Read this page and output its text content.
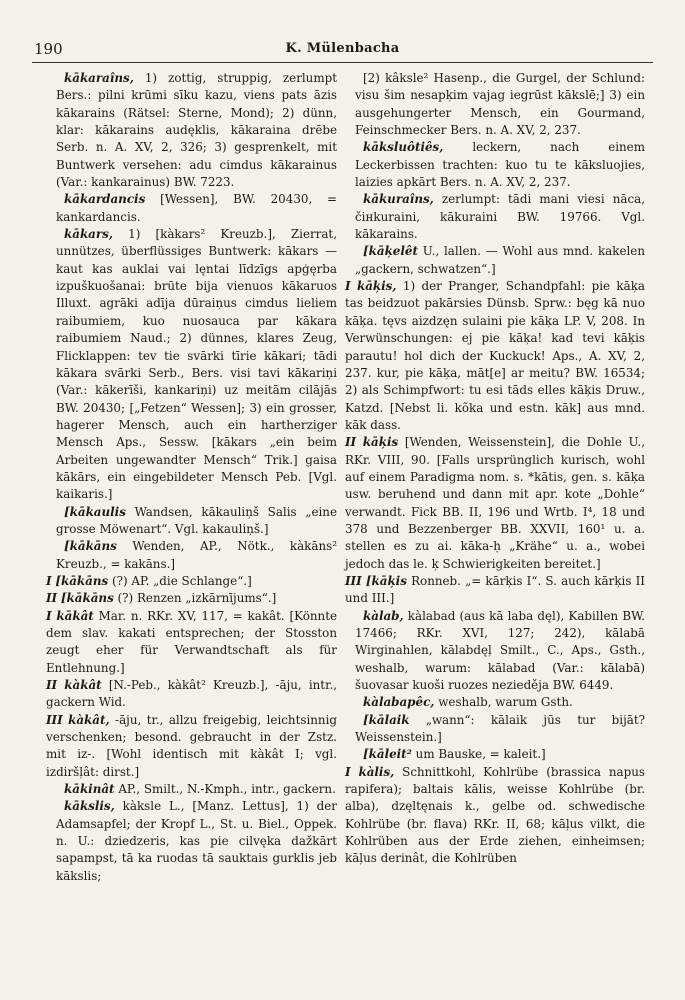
190	K. Mülenbacha

kākaraîns, 1) zottig, struppig, zerlumpt Bers.: pilni krūmi sīku kazu, viens pats āzis kākarains (Rätsel: Sterne, Mond); 2) dünn, klar: kākarains audęklis, kākaraina drēbe Serb. n. A. XV, 2, 326; 3) gesprenkelt, mit Buntwerk versehen: adu cimdus kākarainus (Var.: kankarainus) BW. 7223.

kākardancis [Wessen], BW. 20430, = kankardancis.

kākars, 1) [kàkars² Kreuzb.], Zierrat, unnützes, überflüssiges Buntwerk: kākars — kaut kas auklai vai lęntai līdzīgs apģęrba izpuškuošanai: brūte bija vienuos kākaruos Illuxt. agrāki adīja dūraiņus cimdus lieliem raibumiem, kuo nuosauca par kākara raibumiem Naud.; 2) dünnes, klares Zeug, Flicklappen: tev tie svārki tīrie kākari; tādi kākara svārki Serb., Bers. visi tavi kākariņi (Var.: kākerīši, kankariņi) uz meitām cilājās BW. 20430; [„Fetzen“ Wessen]; 3) ein grosser, hagerer Mensch, auch ein hartherziger Mensch Aps., Sessw. [kākars „ein beim Arbeiten ungewandter Mensch“ Trik.] gaisa kākārs, ein eingebildeter Mensch Peb. [Vgl. kaikaris.]

[kākaulis Wandsen, kākauliņš Salis „eine grosse Möwenart“. Vgl. kakauliņš.]

[kākāns Wenden, AP., Nötk., kàkāns² Kreuzb., = kakāns.]

I [kākāns (?) AP. „die Schlange“.]

II [kākāns (?) Renzen „izkārnījums“.]

I kākât Mar. n. RKr. XV, 117, = kakât. [Könnte dem slav. kakati entsprechen; der Stosston zeugt eher für Verwandtschaft als für Entlehnung.]

II kàkât [N.-Peb., kàkât² Kreuzb.], -āju, intr., gackern Wid.

III kàkât, -āju, tr., allzu freigebig, leichtsinnig verschenken; besond. gebraucht in der Zstz. mit iz-. [Wohl identisch mit kàkât I; vgl. izdiršļât: dirst.]

kākinât AP., Smilt., N.-Kmph., intr., gackern.

kākslis, kàksle L., [Manz. Lettus], 1) der Adamsapfel; der Kropf L., St. u. Biel., Oppek. n. U.: dziedzeris, kas pie cilvęka dažkārt sapampst, tā ka ruodas tā sauktais gurklis jeb kākslis;

[2) kâksle² Hasenp., die Gurgel, der Schlund: visu šim nesapķim vajag iegrūst kākslē;] 3) ein ausgehungerter Mensch, ein Gourmand, Feinschmecker Bers. n. A. XV, 2, 237.

kāksluôtiês, leckern, nach einem Leckerbissen trachten: kuo tu te kāksluojies, laizies apkārt Bers. n. A. XV, 2, 237.

kākuraîns, zerlumpt: tādi mani viesi nāca, čінkuraini, kākuraini BW. 19766. Vgl. kākarains.

[kāķelêt U., lallen. — Wohl aus mnd. kakelen „gackern, schwatzen“.]

I kāķis, 1) der Pranger, Schandpfahl: pie kāķa tas beidzuot pakārsies Dünsb. Sprw.: bęg kā nuo kāķa. tęvs aizdzęn sulaini pie kāķa LP. V, 208. In Verwünschungen: ej pie kāķa! kad tevi kāķis parautu! hol dich der Kuckuck! Aps., A. XV, 2, 237. kur, pie kāķa, māt[e] ar meitu? BW. 16534; 2) als Schimpfwort: tu esi tāds elles kāķis Druw., Katzd. [Nebst li. kõka und estn. kāk] aus mnd. kāk dass.

II kāķis [Wenden, Weissenstein], die Dohle U., RKr. VIII, 90. [Falls ursprünglich kurisch, wohl auf einem Paradigma nom. s. *kātis, gen. s. kāķa usw. beruhend und dann mit apr. kote „Dohle“ verwandt. Fick BB. II, 196 und Wrtb. I⁴, 18 und 378 und Bezzenberger BB. XXVII, 160¹ u. a. stellen es zu ai. kāka-ḥ „Krähe“ u. a., wobei jedoch das le. ķ Schwierigkeiten bereitet.]

III [kāķis Ronneb. „= kārķis I“. S. auch kārķis II und III.]

kàlab, kàlabad (aus kā laba dęl), Kabillen BW. 17466; RKr. XVI, 127; 242), kālabā Wirginahlen, kālabdęļ Smilt., C., Aps., Gsth., weshalb, warum: kālabad (Var.: kālabā) šuovasar kuoši ruozes nezieděja BW. 6449.

kàlabapêc, weshalb, warum Gsth.

[kālaik „wann“: kālaik jūs tur bijāt? Weissenstein.]

[kāleit² um Bauske, = kaleit.]

I kàlis, Schnittkohl, Kohlrübe (brassica napus rapifera); baltais kālis, weisse Kohlrübe (br. alba), dzęltęnais k., gelbe od. schwedische Kohlrübe (br. flava) RKr. II, 68; kāļus vilkt, die Kohlrüben aus der Erde ziehen, einheimsen; kāļus derinât, die Kohlrüben
